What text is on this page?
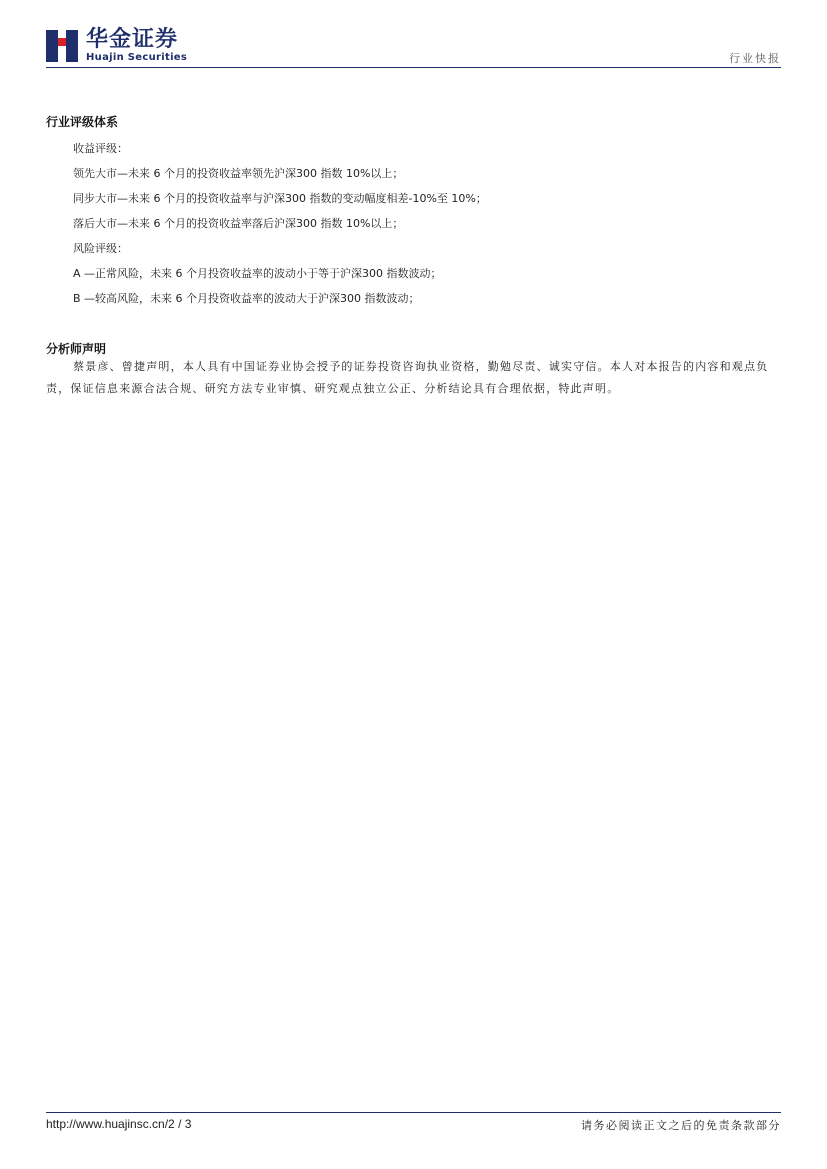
华金证券
Huajin Securities	行业快报
行业评级体系
收益评级：
领先大市—未来 6 个月的投资收益率领先沪深300 指数 10%以上；
同步大市—未来 6 个月的投资收益率与沪深300 指数的变动幅度相差-10%至 10%；
落后大市—未来 6 个月的投资收益率落后沪深300 指数 10%以上；
风险评级：
A —正常风险，未来 6 个月投资收益率的波动小于等于沪深300 指数波动；
B —较高风险，未来 6 个月投资收益率的波动大于沪深300 指数波动；
分析师声明
蔡景彦、曾捷声明，本人具有中国证券业协会授予的证券投资咨询执业资格，勤勉尽责、诚实守信。本人对本报告的内容和观点负责，保证信息来源合法合规、研究方法专业审慎、研究观点独立公正、分析结论具有合理依据，特此声明。
http://www.huajinsc.cn/2 / 3	请务必阅读正文之后的免责条款部分
